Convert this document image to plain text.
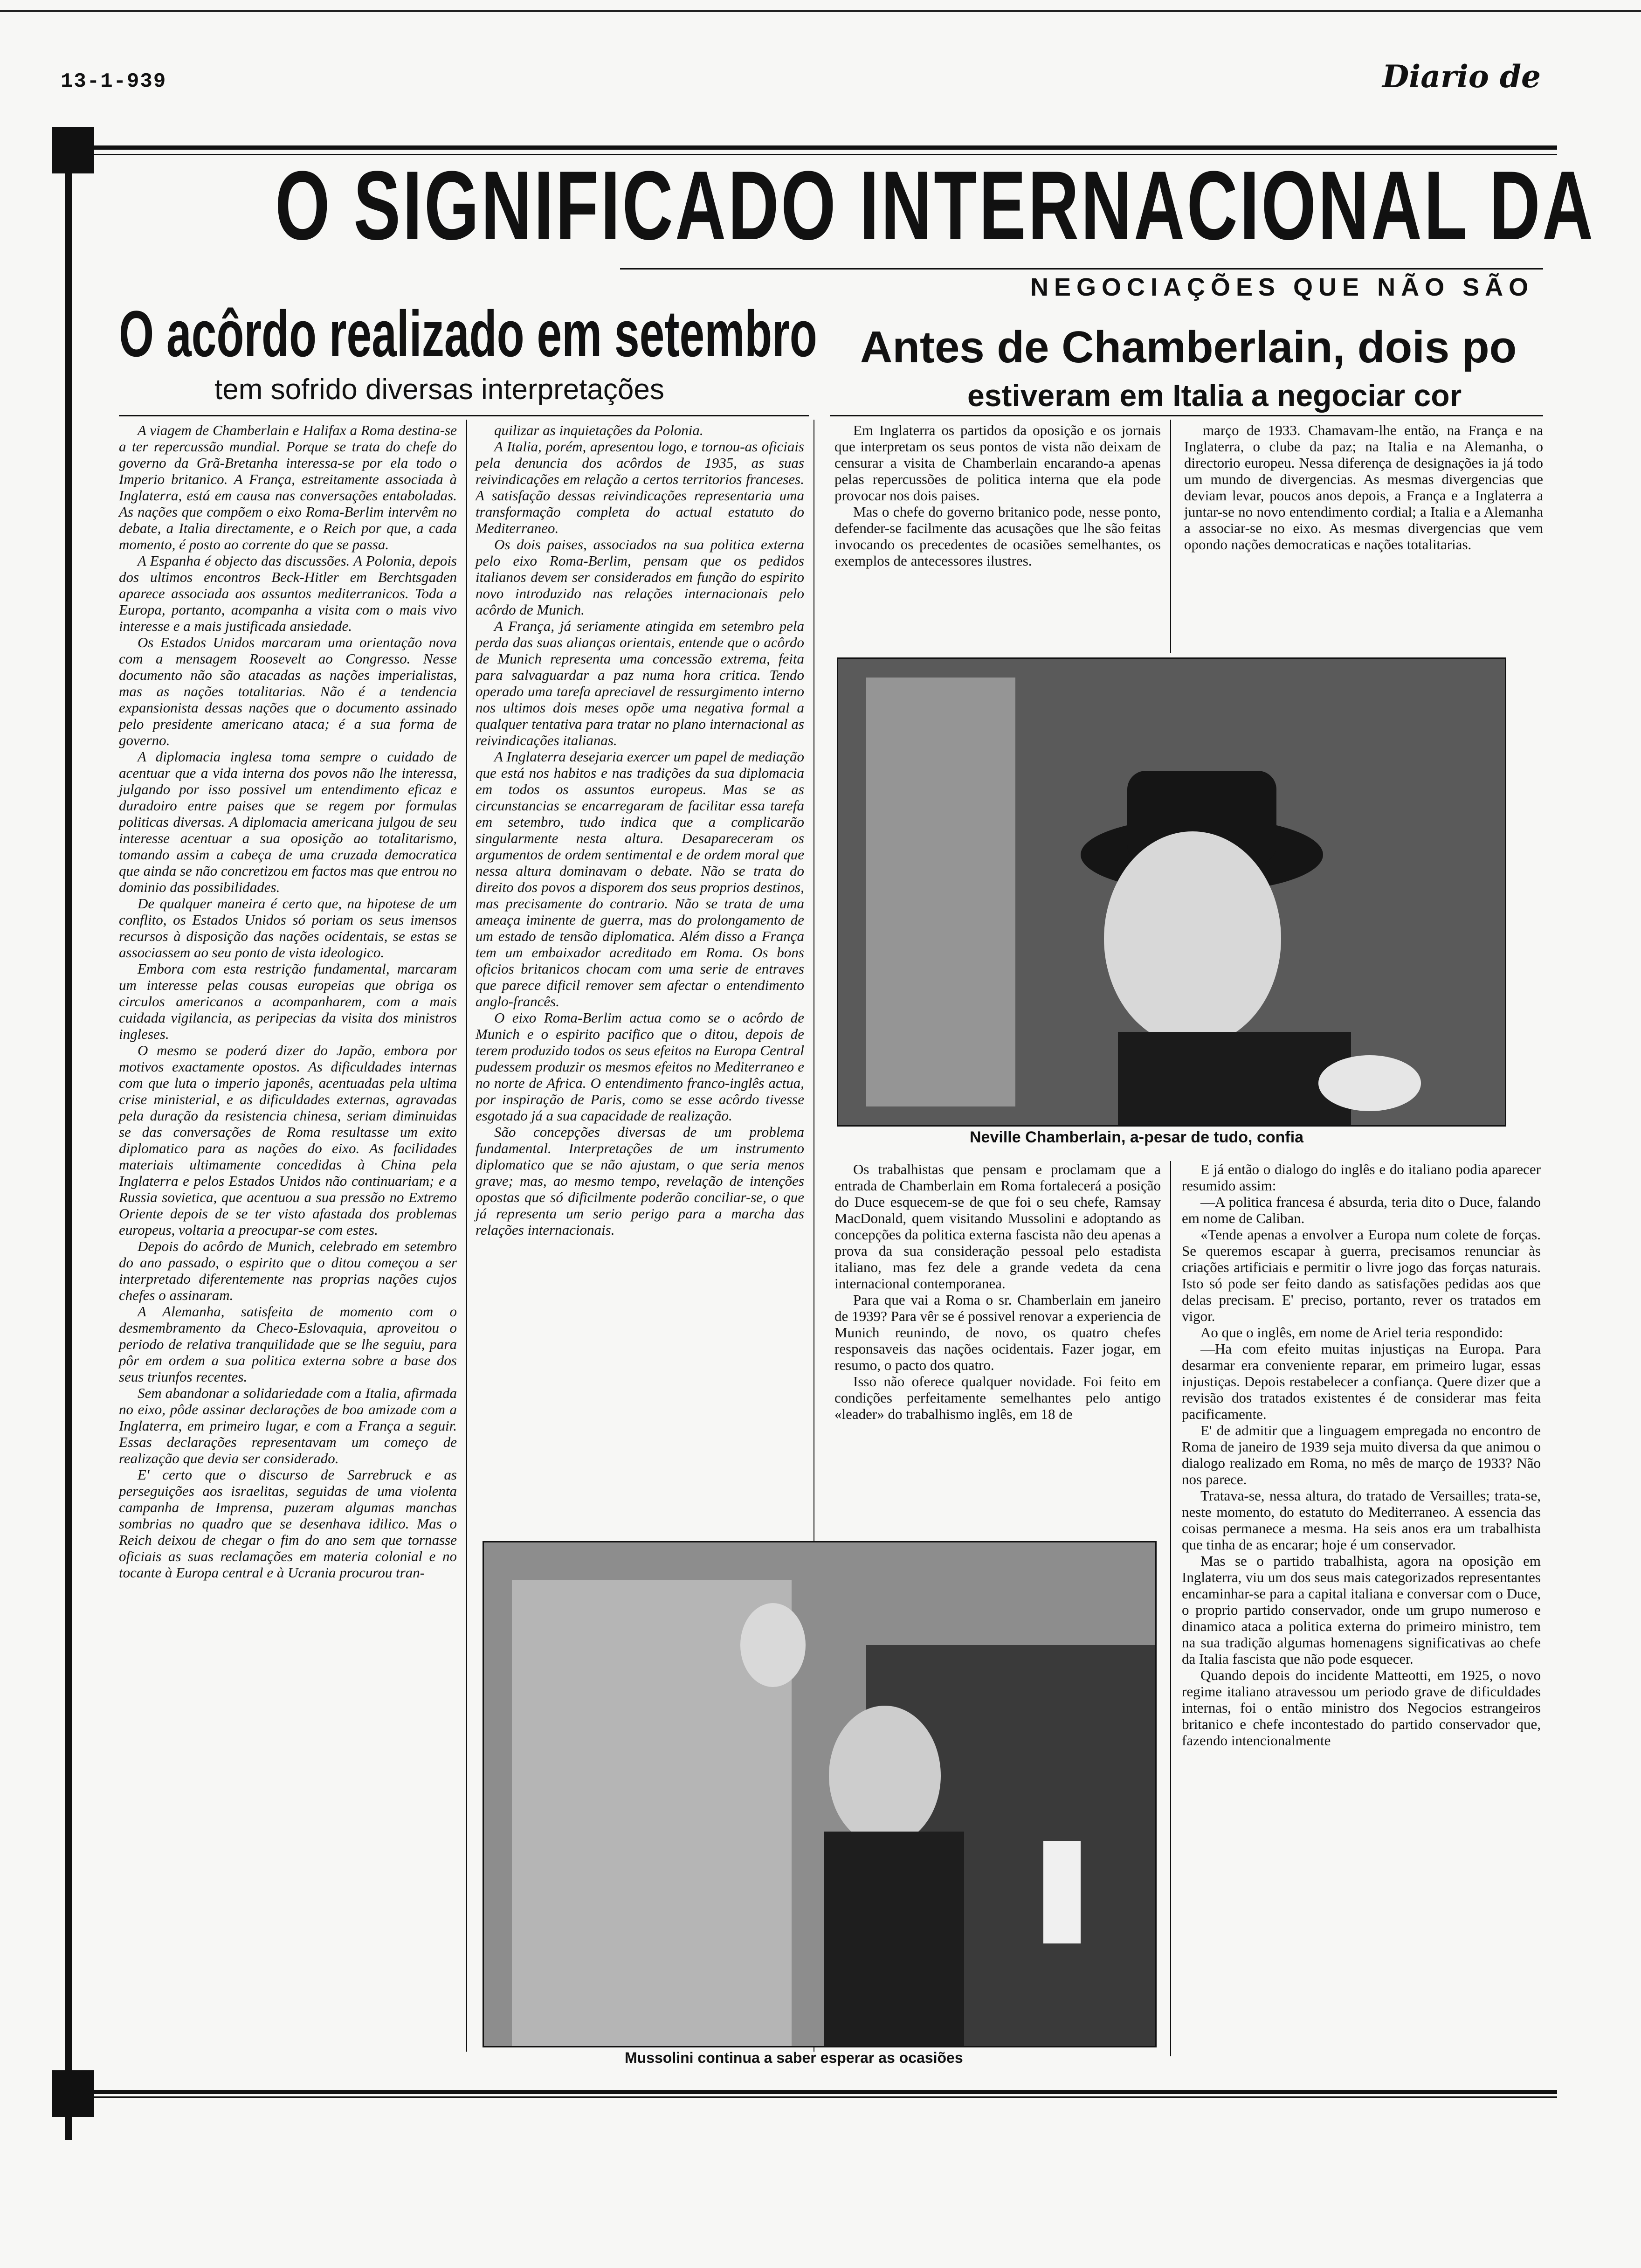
13-1-939	Diario de
O SIGNIFICADO INTERNACIONAL DA
NEGOCIAÇÕES QUE NÃO SÃO
O acôrdo realizado em setembro
tem sofrido diversas interpretações
Antes de Chamberlain, dois po
estiveram em Italia a negociar cor

A viagem de Chamberlain e Halifax a Roma destina-se a ter repercussão mundial. Porque se trata do chefe do governo da Grã-Bretanha interessa-se por ela todo o Imperio britanico. A França, estreitamente associada à Inglaterra, está em causa nas conversações entaboladas. As nações que compõem o eixo Roma-Berlim intervêm no debate, a Italia directamente, e o Reich por que, a cada momento, é posto ao corrente do que se passa.

A Espanha é objecto das discussões. A Polonia, depois dos ultimos encontros Beck-Hitler em Berchtsgaden aparece associada aos assuntos mediterranicos. Toda a Europa, portanto, acompanha a visita com o mais vivo interesse e a mais justificada ansiedade.

Os Estados Unidos marcaram uma orientação nova com a mensagem Roosevelt ao Congresso. Nesse documento não são atacadas as nações imperialistas, mas as nações totalitarias. Não é a tendencia expansionista dessas nações que o documento assinado pelo presidente americano ataca; é a sua forma de governo.

A diplomacia inglesa toma sempre o cuidado de acentuar que a vida interna dos povos não lhe interessa, julgando por isso possivel um entendimento eficaz e duradoiro entre paises que se regem por formulas politicas diversas. A diplomacia americana julgou de seu interesse acentuar a sua oposição ao totalitarismo, tomando assim a cabeça de uma cruzada democratica que ainda se não concretizou em factos mas que entrou no dominio das possibilidades.

De qualquer maneira é certo que, na hipotese de um conflito, os Estados Unidos só poriam os seus imensos recursos à disposição das nações ocidentais, se estas se associassem ao seu ponto de vista ideologico.

Embora com esta restrição fundamental, marcaram um interesse pelas cousas europeias que obriga os circulos americanos a acompanharem, com a mais cuidada vigilancia, as peripecias da visita dos ministros ingleses.

O mesmo se poderá dizer do Japão, embora por motivos exactamente opostos. As dificuldades internas com que luta o imperio japonês, acentuadas pela ultima crise ministerial, e as dificuldades externas, agravadas pela duração da resistencia chinesa, seriam diminuidas se das conversações de Roma resultasse um exito diplomatico para as nações do eixo. As facilidades materiais ultimamente concedidas à China pela Inglaterra e pelos Estados Unidos não continuariam; e a Russia sovietica, que acentuou a sua pressão no Extremo Oriente depois de se ter visto afastada dos problemas europeus, voltaria a preocupar-se com estes.

Depois do acôrdo de Munich, celebrado em setembro do ano passado, o espirito que o ditou começou a ser interpretado diferentemente nas proprias nações cujos chefes o assinaram.

A Alemanha, satisfeita de momento com o desmembramento da Checo-Eslovaquia, aproveitou o periodo de relativa tranquilidade que se lhe seguiu, para pôr em ordem a sua politica externa sobre a base dos seus triunfos recentes.

Sem abandonar a solidariedade com a Italia, afirmada no eixo, pôde assinar declarações de boa amizade com a Inglaterra, em primeiro lugar, e com a França a seguir. Essas declarações representavam um começo de realização que devia ser considerado.

E' certo que o discurso de Sarrebruck e as perseguições aos israelitas, seguidas de uma violenta campanha de Imprensa, puzeram algumas manchas sombrias no quadro que se desenhava idilico. Mas o Reich deixou de chegar o fim do ano sem que tornasse oficiais as suas reclamações em materia colonial e no tocante à Europa central e à Ucrania procurou tran-

quilizar as inquietações da Polonia.

A Italia, porém, apresentou logo, e tornou-as oficiais pela denuncia dos acôrdos de 1935, as suas reivindicações em relação a certos territorios franceses. A satisfação dessas reivindicações representaria uma transformação completa do actual estatuto do Mediterraneo.

Os dois paises, associados na sua politica externa pelo eixo Roma-Berlim, pensam que os pedidos italianos devem ser considerados em função do espirito novo introduzido nas relações internacionais pelo acôrdo de Munich.

A França, já seriamente atingida em setembro pela perda das suas alianças orientais, entende que o acôrdo de Munich representa uma concessão extrema, feita para salvaguardar a paz numa hora critica. Tendo operado uma tarefa apreciavel de ressurgimento interno nos ultimos dois meses opõe uma negativa formal a qualquer tentativa para tratar no plano internacional as reivindicações italianas.

A Inglaterra desejaria exercer um papel de mediação que está nos habitos e nas tradições da sua diplomacia em todos os assuntos europeus. Mas se as circunstancias se encarregaram de facilitar essa tarefa em setembro, tudo indica que a complicarão singularmente nesta altura. Desapareceram os argumentos de ordem sentimental e de ordem moral que nessa altura dominavam o debate. Não se trata do direito dos povos a disporem dos seus proprios destinos, mas precisamente do contrario. Não se trata de uma ameaça iminente de guerra, mas do prolongamento de um estado de tensão diplomatica. Além disso a França tem um embaixador acreditado em Roma. Os bons oficios britanicos chocam com uma serie de entraves que parece dificil remover sem afectar o entendimento anglo-francês.

O eixo Roma-Berlim actua como se o acôrdo de Munich e o espirito pacifico que o ditou, depois de terem produzido todos os seus efeitos na Europa Central pudessem produzir os mesmos efeitos no Mediterraneo e no norte de Africa. O entendimento franco-inglês actua, por inspiração de Paris, como se esse acôrdo tivesse esgotado já a sua capacidade de realização.

São concepções diversas de um problema fundamental. Interpretações de um instrumento diplomatico que se não ajustam, o que seria menos grave; mas, ao mesmo tempo, revelação de intenções opostas que só dificilmente poderão conciliar-se, o que já representa um serio perigo para a marcha das relações internacionais.

Em Inglaterra os partidos da oposição e os jornais que interpretam os seus pontos de vista não deixam de censurar a visita de Chamberlain encarando-a apenas pelas repercussões de politica interna que ela pode provocar nos dois paises.

Mas o chefe do governo britanico pode, nesse ponto, defender-se facilmente das acusações que lhe são feitas invocando os precedentes de ocasiões semelhantes, os exemplos de antecessores ilustres.

março de 1933. Chamavam-lhe então, na França e na Inglaterra, o clube da paz; na Italia e na Alemanha, o directorio europeu. Nessa diferença de designações ia já todo um mundo de divergencias. As mesmas divergencias que deviam levar, poucos anos depois, a França e a Inglaterra a juntar-se no novo entendimento cordial; a Italia e a Alemanha a associar-se no eixo. As mesmas divergencias que vem opondo nações democraticas e nações totalitarias.

Neville Chamberlain, a-pesar de tudo, confia

Os trabalhistas que pensam e proclamam que a entrada de Chamberlain em Roma fortalecerá a posição do Duce esquecem-se de que foi o seu chefe, Ramsay MacDonald, quem visitando Mussolini e adoptando as concepções da politica externa fascista não deu apenas a prova da sua consideração pessoal pelo estadista italiano, mas fez dele a grande vedeta da cena internacional contemporanea.

Para que vai a Roma o sr. Chamberlain em janeiro de 1939? Para vêr se é possivel renovar a experiencia de Munich reunindo, de novo, os quatro chefes responsaveis das nações ocidentais. Fazer jogar, em resumo, o pacto dos quatro.

Isso não oferece qualquer novidade. Foi feito em condições perfeitamente semelhantes pelo antigo «leader» do trabalhismo inglês, em 18 de

E já então o dialogo do inglês e do italiano podia aparecer resumido assim:

—A politica francesa é absurda, teria dito o Duce, falando em nome de Caliban.

«Tende apenas a envolver a Europa num colete de forças. Se queremos escapar à guerra, precisamos renunciar às criações artificiais e permitir o livre jogo das forças naturais. Isto só pode ser feito dando as satisfações pedidas aos que delas precisam. E' preciso, portanto, rever os tratados em vigor.

Ao que o inglês, em nome de Ariel teria respondido:

—Ha com efeito muitas injustiças na Europa. Para desarmar era conveniente reparar, em primeiro lugar, essas injustiças. Depois restabelecer a confiança. Quere dizer que a revisão dos tratados existentes é de considerar mas feita pacificamente.

E' de admitir que a linguagem empregada no encontro de Roma de janeiro de 1939 seja muito diversa da que animou o dialogo realizado em Roma, no mês de março de 1933? Não nos parece.

Tratava-se, nessa altura, do tratado de Versailles; trata-se, neste momento, do estatuto do Mediterraneo. A essencia das coisas permanece a mesma. Ha seis anos era um trabalhista que tinha de as encarar; hoje é um conservador.

Mas se o partido trabalhista, agora na oposição em Inglaterra, viu um dos seus mais categorizados representantes encaminhar-se para a capital italiana e conversar com o Duce, o proprio partido conservador, onde um grupo numeroso e dinamico ataca a politica externa do primeiro ministro, tem na sua tradição algumas homenagens significativas ao chefe da Italia fascista que não pode esquecer.

Quando depois do incidente Matteotti, em 1925, o novo regime italiano atravessou um periodo grave de dificuldades internas, foi o então ministro dos Negocios estrangeiros britanico e chefe incontestado do partido conservador que, fazendo intencionalmente

Mussolini continua a saber esperar as ocasiões
